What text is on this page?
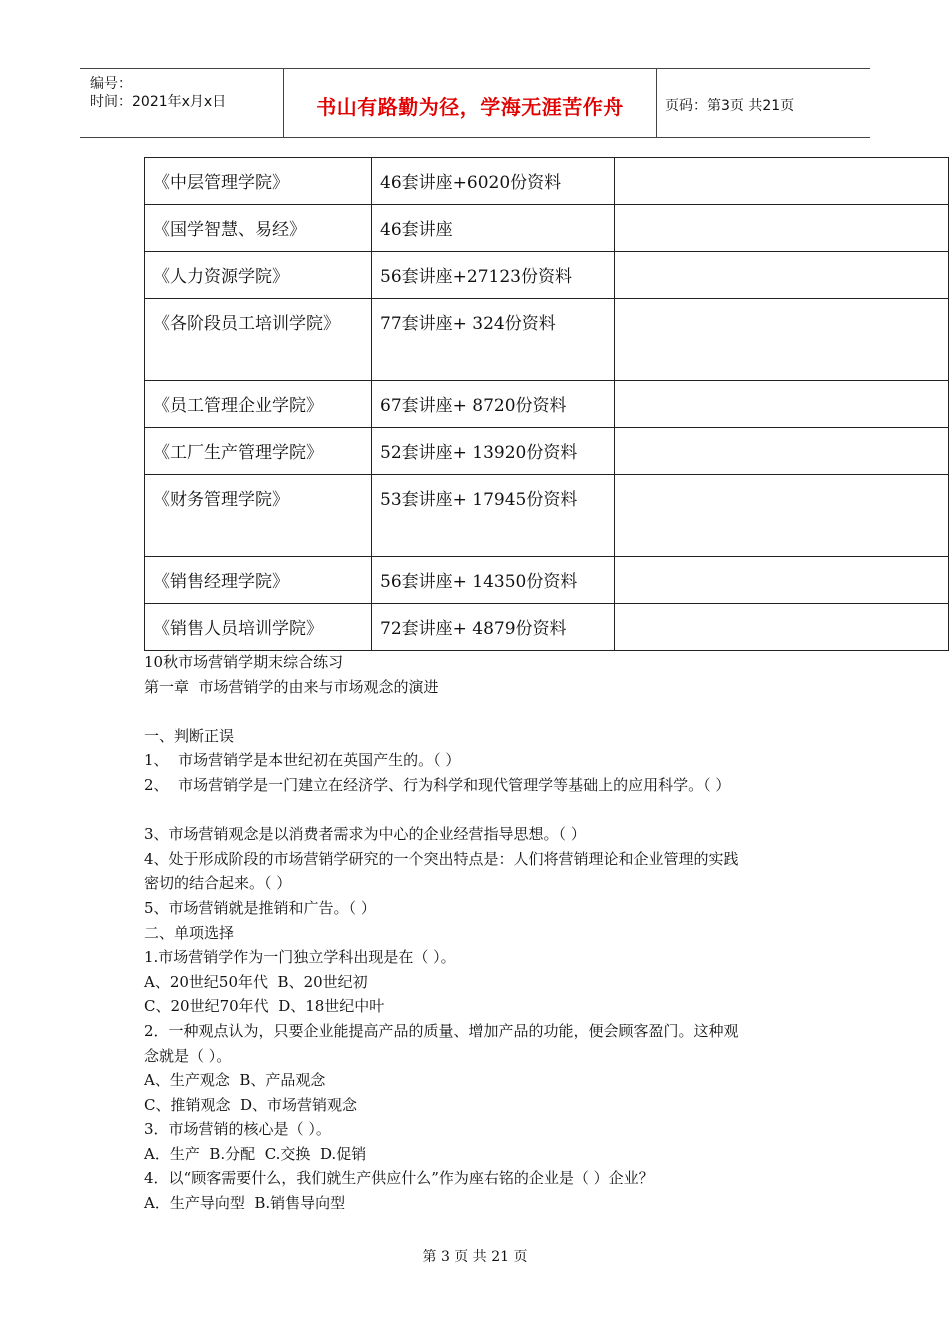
编号：
时间：2021年x月x日	书山有路勤为径，学海无涯苦作舟	页码：第3页 共21页
《中层管理学院》	46套讲座+6020份资料	
《国学智慧、易经》	46套讲座	
《人力资源学院》	56套讲座+27123份资料	
《各阶段员工培训学院》	77套讲座+ 324份资料	
《员工管理企业学院》	67套讲座+ 8720份资料	
《工厂生产管理学院》	52套讲座+ 13920份资料	
《财务管理学院》	53套讲座+ 17945份资料	
《销售经理学院》	56套讲座+ 14350份资料	
《销售人员培训学院》	72套讲座+ 4879份资料	
10秋市场营销学期末综合练习
第一章  市场营销学的由来与市场观念的演进
一、判断正误
1、  市场营销学是本世纪初在英国产生的。（ ）
2、  市场营销学是一门建立在经济学、行为科学和现代管理学等基础上的应用科学。（ ）
3、市场营销观念是以消费者需求为中心的企业经营指导思想。（ ）
4、处于形成阶段的市场营销学研究的一个突出特点是：人们将营销理论和企业管理的实践
密切的结合起来。（ ）
5、市场营销就是推销和广告。（ ）
二、单项选择
1.市场营销学作为一门独立学科出现是在（ ）。
A、20世纪50年代  B、20世纪初
C、20世纪70年代  D、18世纪中叶
2．一种观点认为，只要企业能提高产品的质量、增加产品的功能，便会顾客盈门。这种观
念就是（ ）。
A、生产观念  B、产品观念
C、推销观念  D、市场营销观念
3．市场营销的核心是（ ）。
A．生产  B.分配  C.交换  D.促销
4．以“顾客需要什么，我们就生产供应什么”作为座右铭的企业是（ ）企业？
A．生产导向型  B.销售导向型
第 3 页 共 21 页
